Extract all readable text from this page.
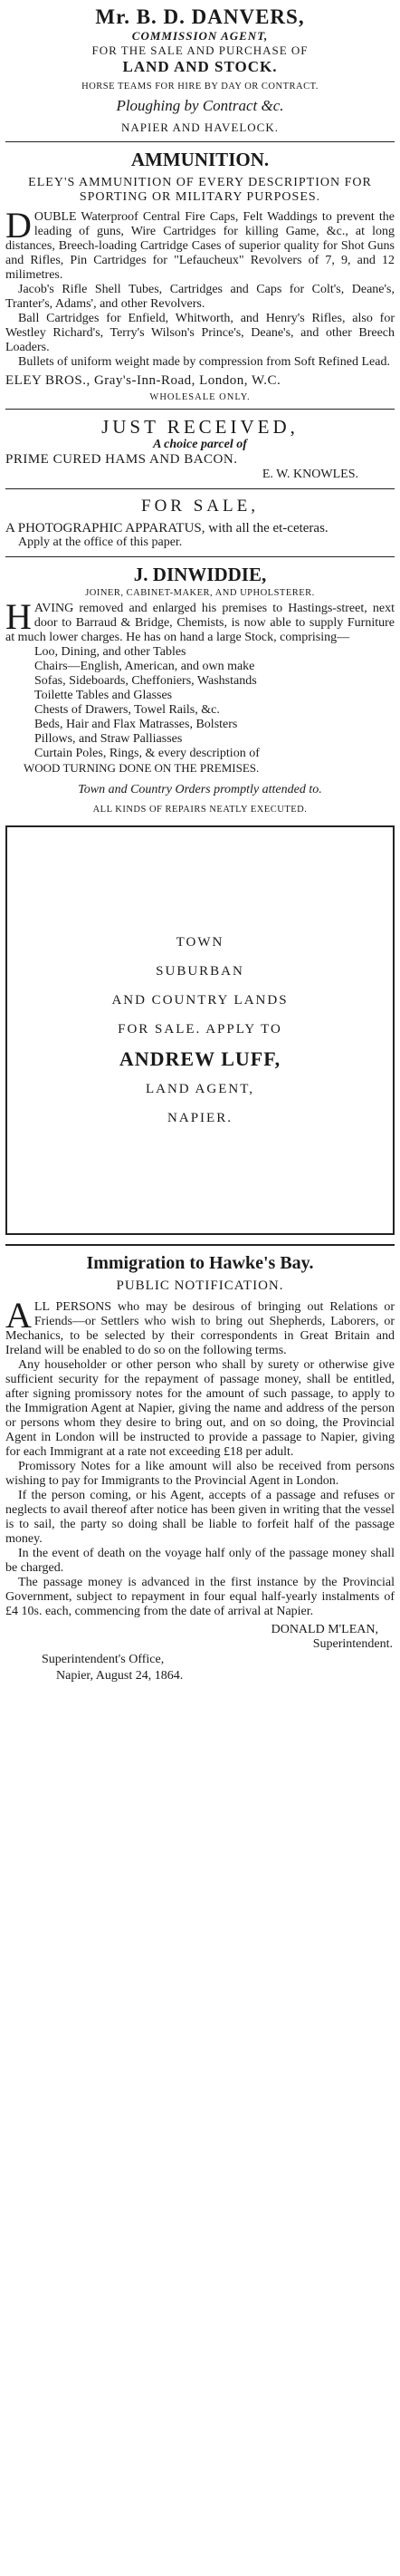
Mr. B. D. DANVERS,
COMMISSION AGENT,
FOR THE SALE AND PURCHASE OF
LAND AND STOCK.
HORSE TEAMS FOR HIRE BY DAY OR CONTRACT.
Ploughing by Contract &c.
NAPIER AND HAVELOCK.
AMMUNITION.
ELEY'S AMMUNITION OF EVERY DESCRIPTION FOR SPORTING OR MILITARY PURPOSES.

DOUBLE Waterproof Central Fire Caps, Felt Waddings to prevent the leading of guns, Wire Cartridges for killing Game, &c., at long distances, Breech-loading Cartridge Cases of superior quality for Shot Guns and Rifles, Pin Cartridges for "Lefaucheux" Revolvers of 7, 9, and 12 milimetres.

Jacob's Rifle Shell Tubes, Cartridges and Caps for Colt's, Deane's, Tranter's, Adams', and other Revolvers.

Ball Cartridges for Enfield, Whitworth, and Henry's Rifles, also for Westley Richard's, Terry's Wilson's Prince's, Deane's, and other Breech Loaders.

Bullets of uniform weight made by compression from Soft Refined Lead.

ELEY BROS., Gray's-Inn-Road, London, W.C.
WHOLESALE ONLY.
JUST RECEIVED,
A choice parcel of
PRIME CURED HAMS AND BACON.
E. W. KNOWLES.
FOR SALE,

A PHOTOGRAPHIC APPARATUS, with all the et-ceteras.

Apply at the office of this paper.

J. DINWIDDIE,
JOINER, CABINET-MAKER, AND UPHOLSTERER.

HAVING removed and enlarged his premises to Hastings-street, next door to Barraud & Bridge, Chemists, is now able to supply Furniture at much lower charges. He has on hand a large Stock, comprising—

Loo, Dining, and other Tables
Chairs—English, American, and own make
Sofas, Sideboards, Cheffoniers, Washstands
Toilette Tables and Glasses
Chests of Drawers, Towel Rails, &c.
Beds, Hair and Flax Matrasses, Bolsters
Pillows, and Straw Palliasses
Curtain Poles, Rings, & every description of
WOOD TURNING DONE ON THE PREMISES.
Town and Country Orders promptly attended to.
ALL KINDS OF REPAIRS NEATLY EXECUTED.
TOWN
SUBURBAN
AND COUNTRY LANDS
FOR SALE. APPLY TO
ANDREW LUFF,
LAND AGENT,
NAPIER.
Immigration to Hawke's Bay.
PUBLIC NOTIFICATION.

ALL PERSONS who may be desirous of bringing out Relations or Friends—or Settlers who wish to bring out Shepherds, Laborers, or Mechanics, to be selected by their correspondents in Great Britain and Ireland will be enabled to do so on the following terms.

Any householder or other person who shall by surety or otherwise give sufficient security for the repayment of passage money, shall be entitled, after signing promissory notes for the amount of such passage, to apply to the Immigration Agent at Napier, giving the name and address of the person or persons whom they desire to bring out, and on so doing, the Provincial Agent in London will be instructed to provide a passage to Napier, giving for each Immigrant at a rate not exceeding £18 per adult.

Promissory Notes for a like amount will also be received from persons wishing to pay for Immigrants to the Provincial Agent in London.

If the person coming, or his Agent, accepts of a passage and refuses or neglects to avail thereof after notice has been given in writing that the vessel is to sail, the party so doing shall be liable to forfeit half of the passage money.

In the event of death on the voyage half only of the passage money shall be charged.

The passage money is advanced in the first instance by the Provincial Government, subject to repayment in four equal half-yearly instalments of £4 10s. each, commencing from the date of arrival at Napier.

DONALD M'LEAN,
Superintendent.

Superintendent's Office,

Napier, August 24, 1864.
